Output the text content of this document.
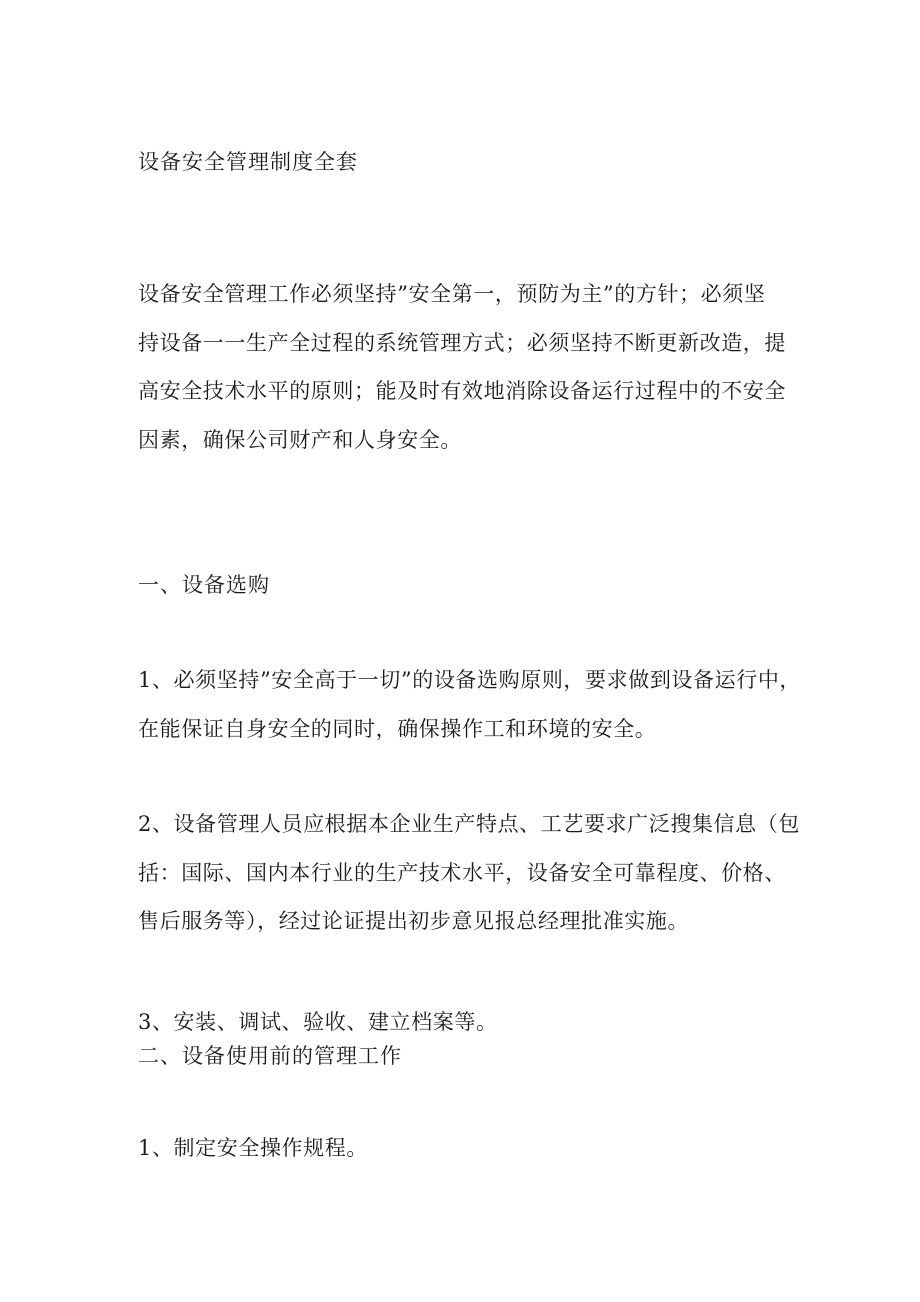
设备安全管理制度全套

设备安全管理工作必须坚持”安全第一，预防为主”的方针；必须坚
持设备一一生产全过程的系统管理方式；必须坚持不断更新改造，提
高安全技术水平的原则；能及时有效地消除设备运行过程中的不安全
因素，确保公司财产和人身安全。

一、设备选购

1、必须坚持”安全高于一切”的设备选购原则，要求做到设备运行中，
在能保证自身安全的同时，确保操作工和环境的安全。

2、设备管理人员应根据本企业生产特点、工艺要求广泛搜集信息（包
括：国际、国内本行业的生产技术水平，设备安全可靠程度、价格、
售后服务等），经过论证提出初步意见报总经理批准实施。

3、安装、调试、验收、建立档案等。

二、设备使用前的管理工作

1、制定安全操作规程。
